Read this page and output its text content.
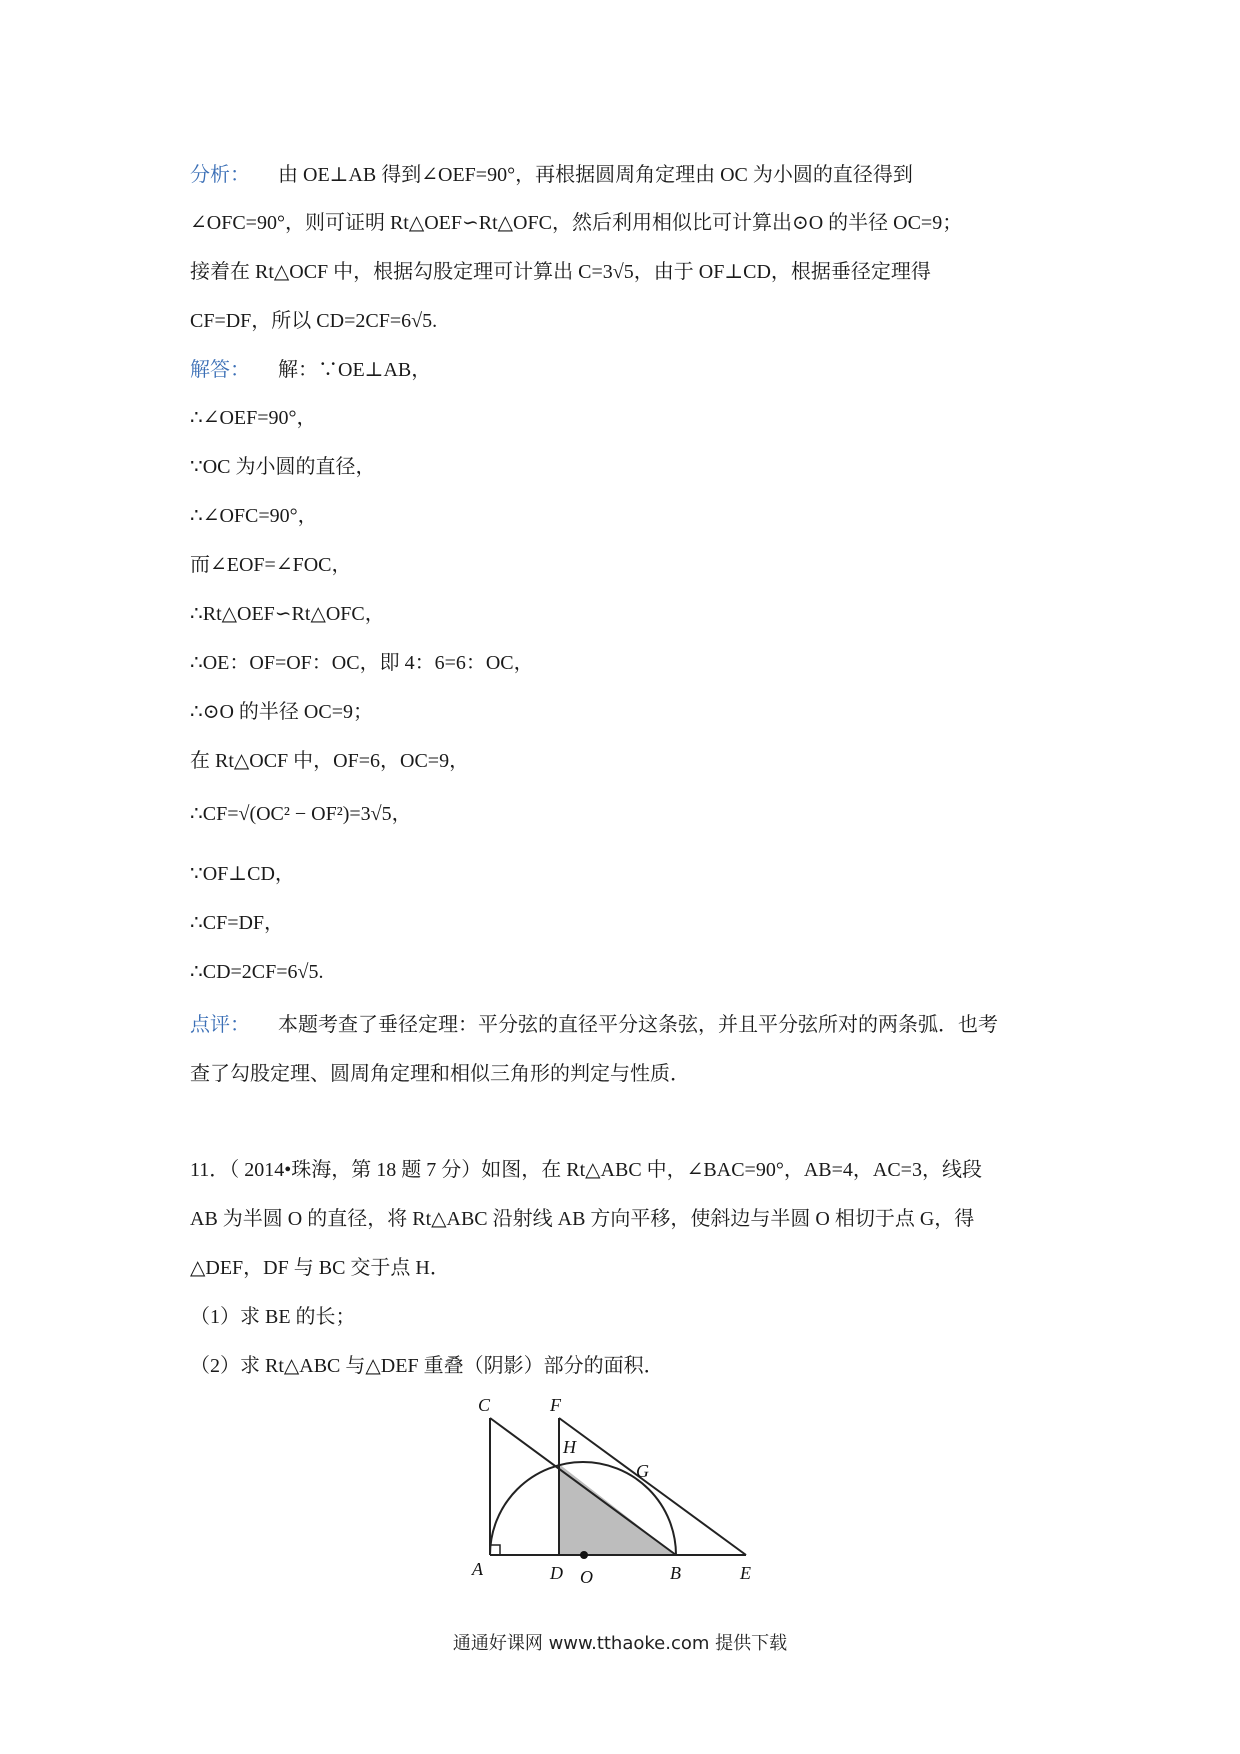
分析： 由 OE⊥AB 得到∠OEF=90°，再根据圆周角定理由 OC 为小圆的直径得到
∠OFC=90°，则可证明 Rt△OEF∽Rt△OFC，然后利用相似比可计算出⊙O 的半径 OC=9；
接着在 Rt△OCF 中，根据勾股定理可计算出 C=3√5，由于 OF⊥CD，根据垂径定理得
CF=DF，所以 CD=2CF=6√5.
解答： 解：∵OE⊥AB，
∴∠OEF=90°，
∵OC 为小圆的直径，
∴∠OFC=90°，
而∠EOF=∠FOC，
∴Rt△OEF∽Rt△OFC，
∴OE：OF=OF：OC，即 4：6=6：OC，
∴⊙O 的半径 OC=9；
在 Rt△OCF 中，OF=6，OC=9，
∴CF=√(OC² − OF²)=3√5，
∵OF⊥CD，
∴CF=DF，
∴CD=2CF=6√5.
点评： 本题考查了垂径定理：平分弦的直径平分这条弦，并且平分弦所对的两条弧．也考
查了勾股定理、圆周角定理和相似三角形的判定与性质．
11．（ 2014•珠海，第 18 题 7 分）如图，在 Rt△ABC 中，∠BAC=90°，AB=4，AC=3，线段
AB 为半圆 O 的直径，将 Rt△ABC 沿射线 AB 方向平移，使斜边与半圆 O 相切于点 G，得
△DEF，DF 与 BC 交于点 H．
（1）求 BE 的长；
（2）求 Rt△ABC 与△DEF 重叠（阴影）部分的面积．
C	F
H
G
A	D O	B	E
通通好课网 www.tthaoke.com 提供下载
